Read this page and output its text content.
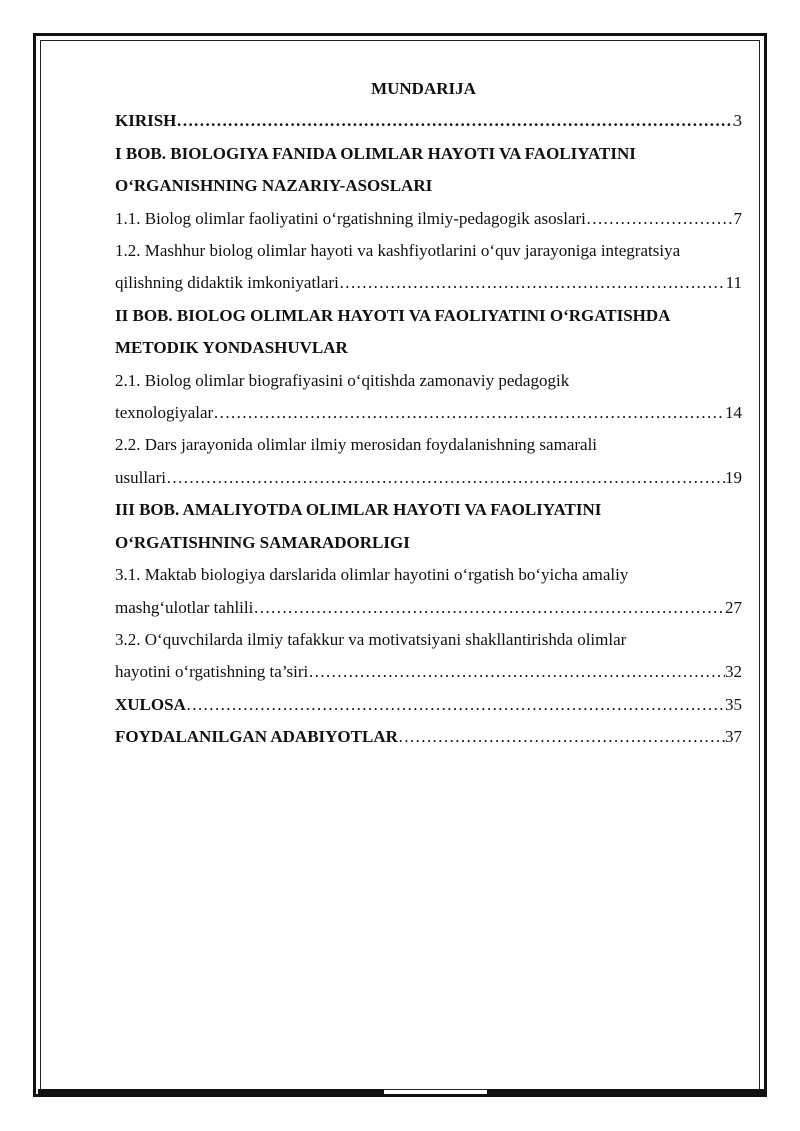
MUNDARIJA
KIRISH ………………………………………………………………………………………………………………………………………………………	3
I BOB. BIOLOGIYA FANIDA OLIMLAR HAYOTI VA FAOLIYATINI
O‘RGANISHNING NAZARIY-ASOSLARI
1.1. Biolog olimlar faoliyatini o‘rgatishning ilmiy-pedagogik asoslari ………………………………………………………………………………………………………………………………………………………	7
1.2. Mashhur biolog olimlar hayoti va kashfiyotlarini o‘quv jarayoniga integratsiya
qilishning didaktik imkoniyatlari ………………………………………………………………………………………………………………………………………………………	11
II BOB. BIOLOG OLIMLAR HAYOTI VA FAOLIYATINI O‘RGATISHDA
METODIK YONDASHUVLAR
2.1. Biolog olimlar biografiyasini o‘qitishda zamonaviy pedagogik
texnologiyalar ………………………………………………………………………………………………………………………………………………………	14
2.2. Dars jarayonida olimlar ilmiy merosidan foydalanishning samarali
usullari ………………………………………………………………………………………………………………………………………………………	19
III BOB. AMALIYOTDA OLIMLAR HAYOTI VA FAOLIYATINI
O‘RGATISHNING SAMARADORLIGI
3.1. Maktab biologiya darslarida olimlar hayotini o‘rgatish bo‘yicha amaliy
mashg‘ulotlar tahlili ………………………………………………………………………………………………………………………………………………………	27
3.2. O‘quvchilarda ilmiy tafakkur va motivatsiyani shakllantirishda olimlar
hayotini o‘rgatishning ta’siri ………………………………………………………………………………………………………………………………………………………	32
XULOSA ………………………………………………………………………………………………………………………………………………………	35
FOYDALANILGAN ADABIYOTLAR ………………………………………………………………………………………………………………………………………………………	37
